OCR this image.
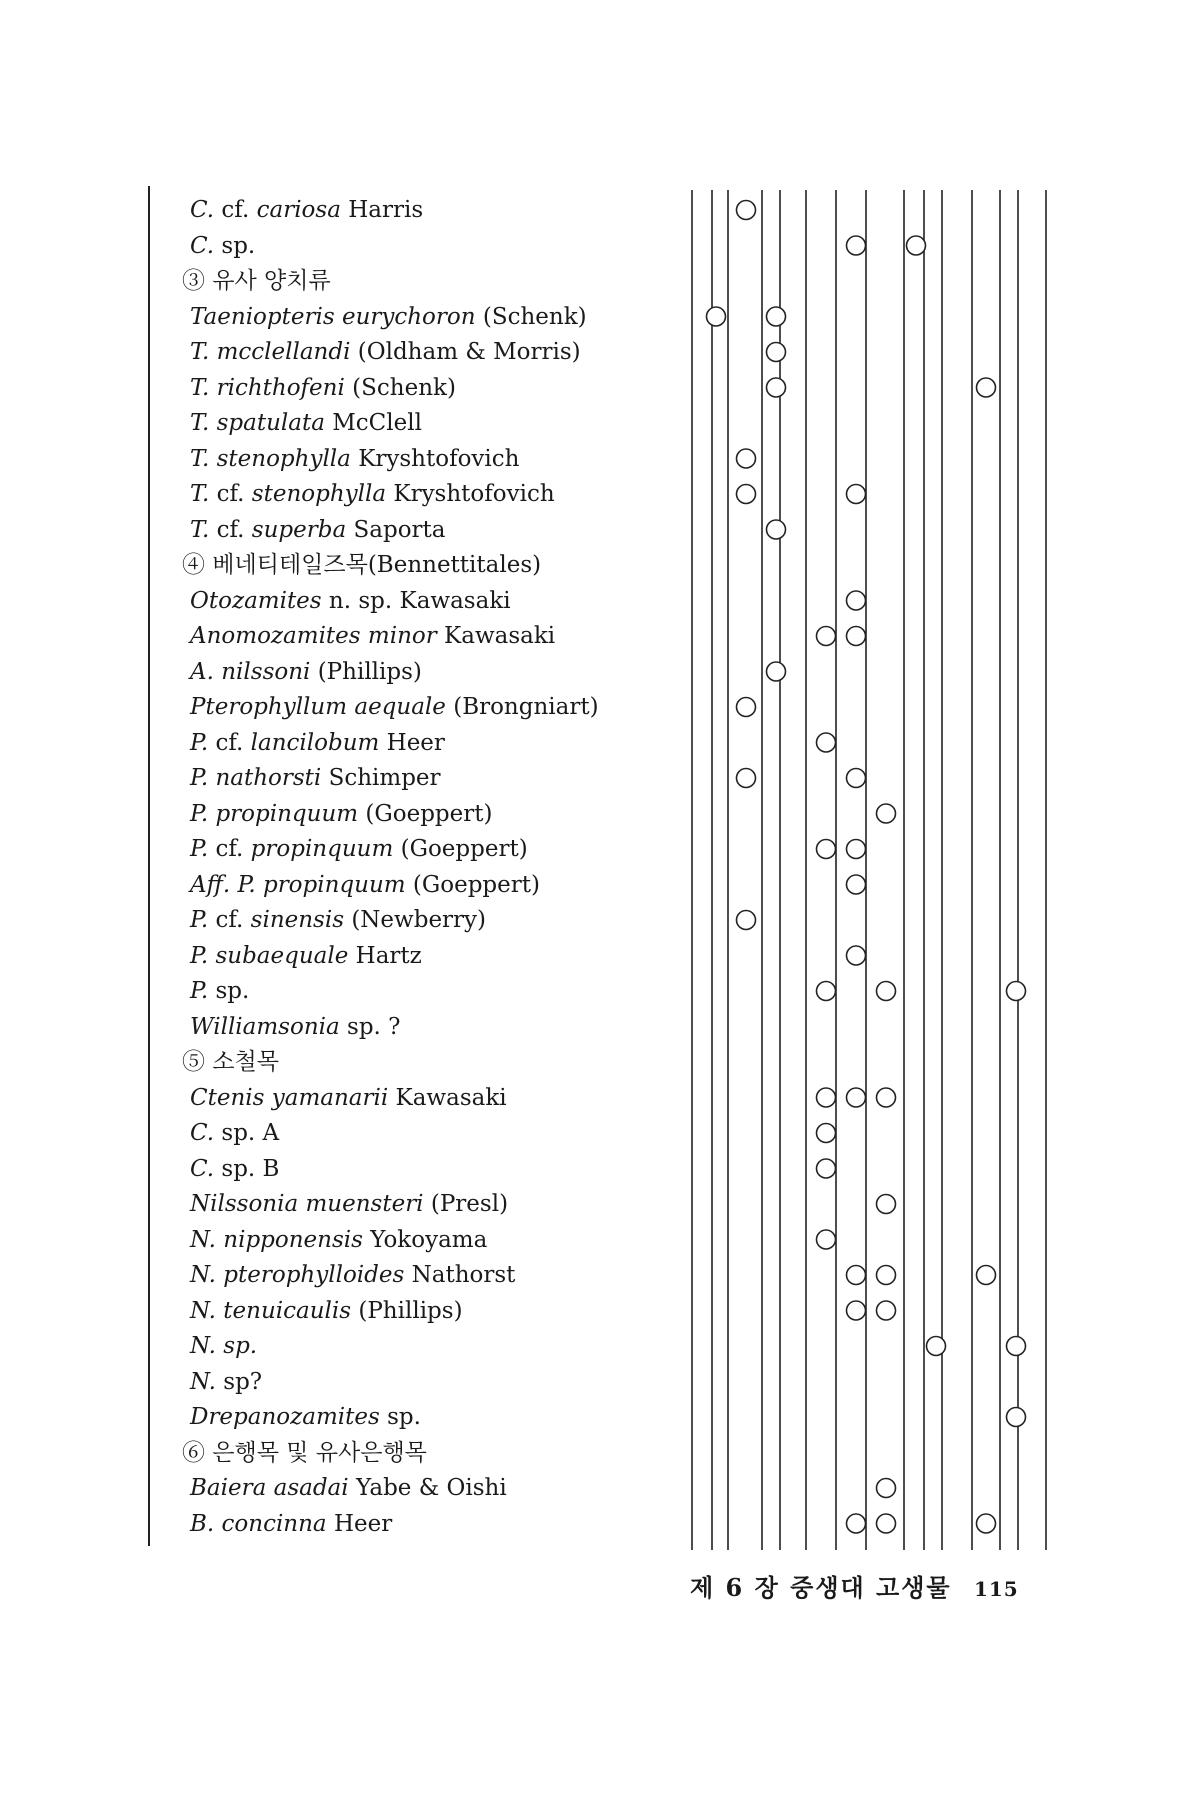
C. cf. cariosa Harris
C. sp.
③ 유사 양치류
Taeniopteris eurychoron (Schenk)
T. mcclellandi (Oldham & Morris)
T. richthofeni (Schenk)
T. spatulata McClell
T. stenophylla Kryshtofovich
T. cf. stenophylla Kryshtofovich
T. cf. superba Saporta
④ 베네티테일즈목(Bennettitales)
Otozamites n. sp. Kawasaki
Anomozamites minor Kawasaki
A. nilssoni (Phillips)
Pterophyllum aequale (Brongniart)
P. cf. lancilobum Heer
P. nathorsti Schimper
P. propinquum (Goeppert)
P. cf. propinquum (Goeppert)
Aff. P. propinquum (Goeppert)
P. cf. sinensis (Newberry)
P. subaequale Hartz
P. sp.
Williamsonia sp. ?
⑤ 소철목
Ctenis yamanarii Kawasaki
C. sp. A
C. sp. B
Nilssonia muensteri (Presl)
N. nipponensis Yokoyama
N. pterophylloides Nathorst
N. tenuicaulis (Phillips)
N. sp.
N. sp?
Drepanozamites sp.
⑥ 은행목 및 유사은행목
Baiera asadai Yabe & Oishi
B. concinna Heer
제 6 장 중생대 고생물 115
